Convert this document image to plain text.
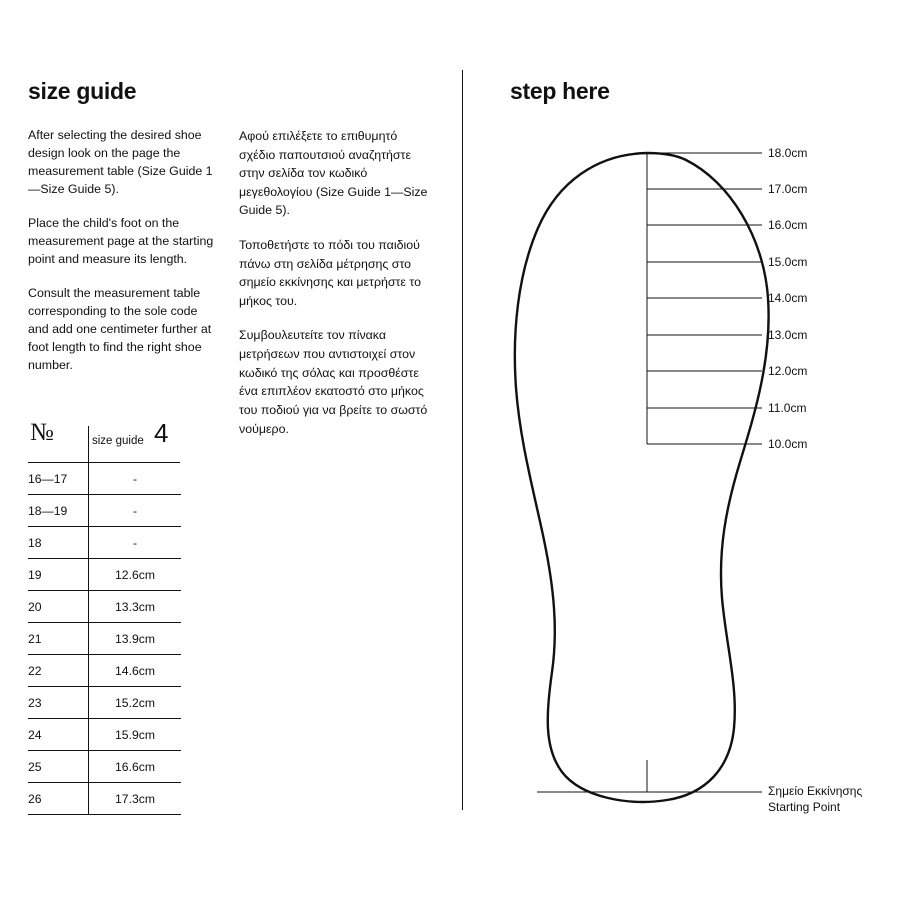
size guide

After selecting the desired shoe design look on the page the measurement table (Size Guide 1—Size Guide 5).

Place the child's foot on the measurement page at the starting point and measure its length.

Consult the measurement table corresponding to the sole code and add one centimeter further at foot length to find the right shoe number.

Αφού επιλέξετε το επιθυμητό σχέδιο παπουτσιού αναζητήστε στην σελίδα τον κωδικό μεγεθολογίου (Size Guide 1—Size Guide 5).

Τοποθετήστε το πόδι του παιδιού πάνω στη σελίδα μέτρησης στο σημείο εκκίνησης και μετρήστε το μήκος του.

Συμβουλευτείτε τον πίνακα μετρήσεων που αντιστοιχεί στον κωδικό της σόλας και προσθέστε ένα επιπλέον εκατοστό στο μήκος του ποδιού για να βρείτε το σωστό νούμερο.

№	size guide 4
16—17	-
18—19	-
18	-
19	12.6cm
20	13.3cm
21	13.9cm
22	14.6cm
23	15.2cm
24	15.9cm
25	16.6cm
26	17.3cm
step here
18.0cm
17.0cm
16.0cm
15.0cm
14.0cm
13.0cm
12.0cm
11.0cm
10.0cm
Σημείο Εκκίνησης
Starting Point
